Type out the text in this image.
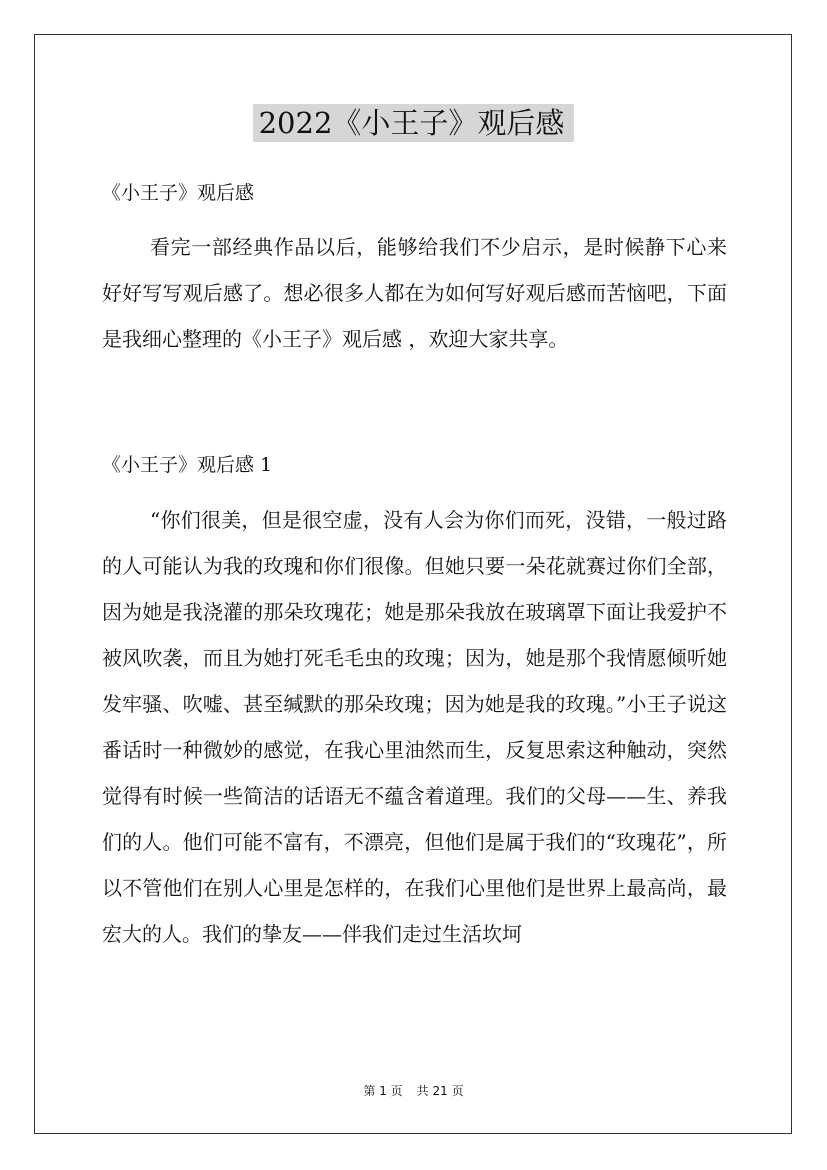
2022《小王子》观后感

《小王子》观后感

看完一部经典作品以后，能够给我们不少启示，是时候静下心来好好写写观后感了。想必很多人都在为如何写好观后感而苦恼吧，下面是我细心整理的《小王子》观后感 ，欢迎大家共享。

《小王子》观后感 1

“你们很美，但是很空虚，没有人会为你们而死，没错，一般过路的人可能认为我的玫瑰和你们很像。但她只要一朵花就赛过你们全部，因为她是我浇灌的那朵玫瑰花；她是那朵我放在玻璃罩下面让我爱护不被风吹袭，而且为她打死毛毛虫的玫瑰；因为，她是那个我情愿倾听她发牢骚、吹嘘、甚至缄默的那朵玫瑰；因为她是我的玫瑰。”小王子说这番话时一种微妙的感觉，在我心里油然而生，反复思索这种触动，突然觉得有时候一些简洁的话语无不蕴含着道理。我们的父母——生、养我们的人。他们可能不富有，不漂亮，但他们是属于我们的“玫瑰花”，所以不管他们在别人心里是怎样的，在我们心里他们是世界上最高尚，最宏大的人。我们的挚友——伴我们走过生活坎坷

第 1 页 共 21 页
